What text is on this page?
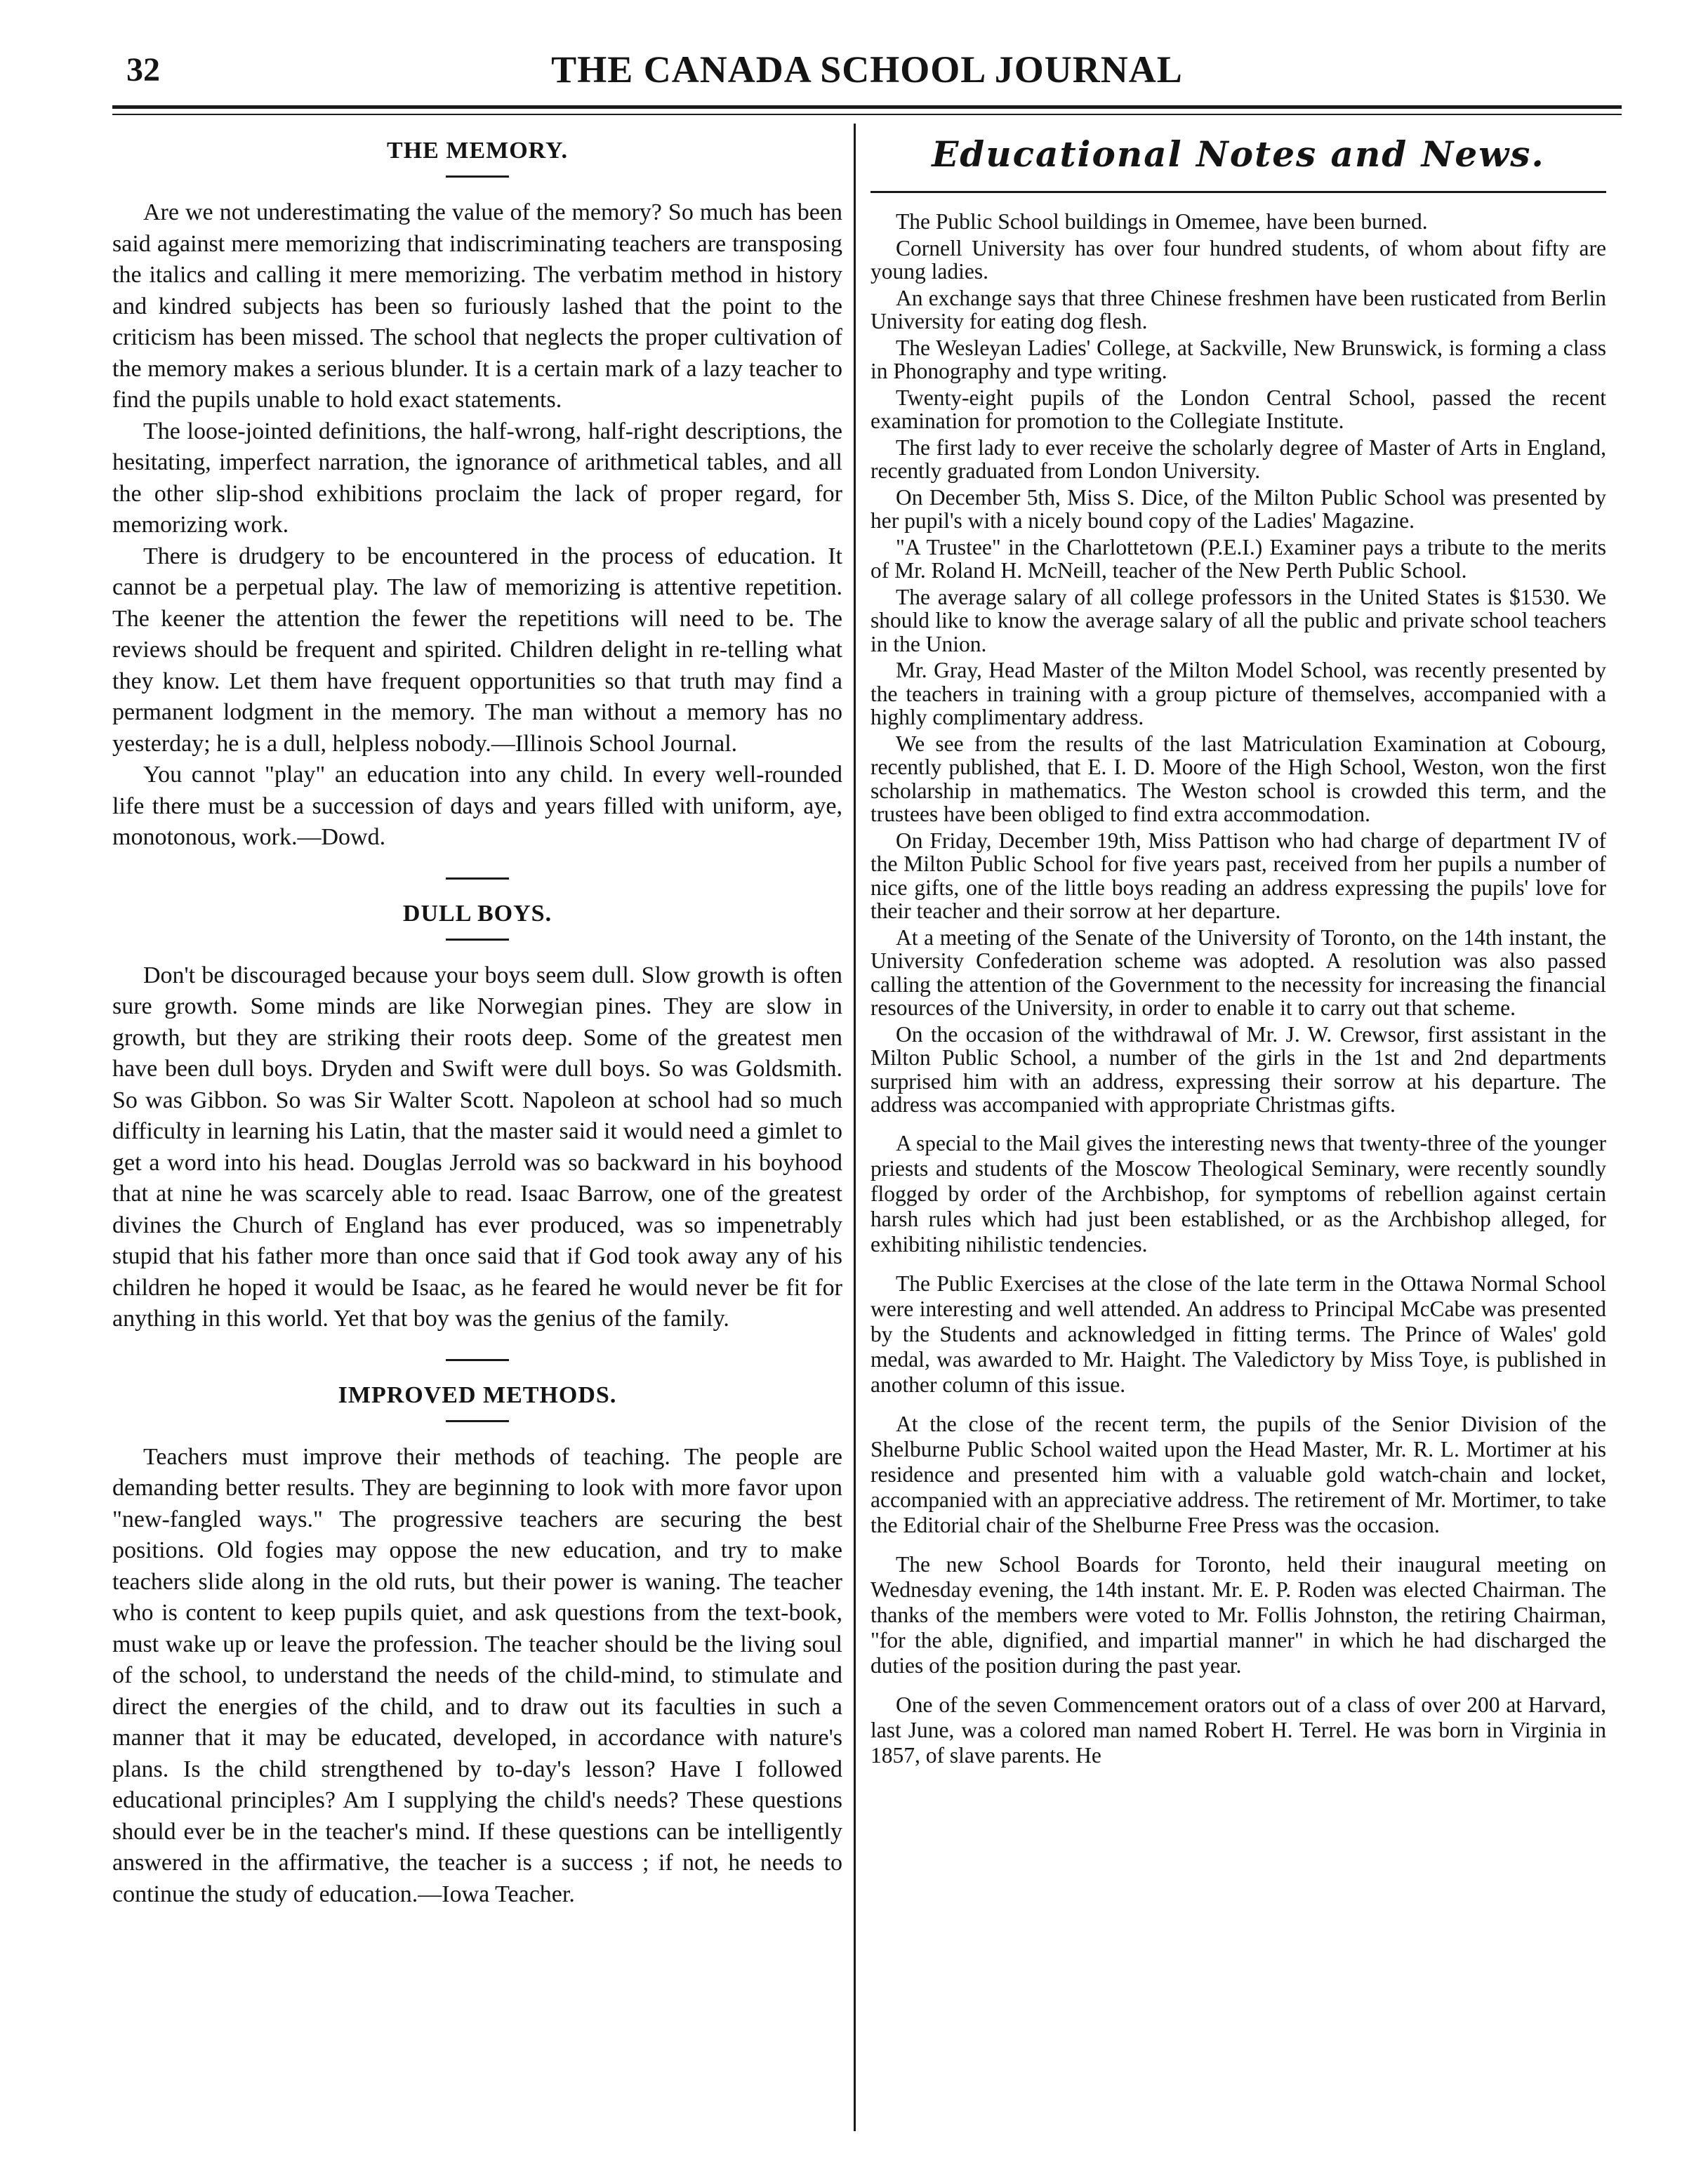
32	THE CANADA SCHOOL JOURNAL
THE MEMORY.

Are we not underestimating the value of the memory? So much has been said against mere memorizing that indiscriminating teachers are transposing the italics and calling it mere memorizing. The verbatim method in history and kindred subjects has been so furiously lashed that the point to the criticism has been missed. The school that neglects the proper cultivation of the memory makes a serious blunder. It is a certain mark of a lazy teacher to find the pupils unable to hold exact statements.

The loose-jointed definitions, the half-wrong, half-right descriptions, the hesitating, imperfect narration, the ignorance of arithmetical tables, and all the other slip-shod exhibitions proclaim the lack of proper regard, for memorizing work.

There is drudgery to be encountered in the process of education. It cannot be a perpetual play. The law of memorizing is attentive repetition. The keener the attention the fewer the repetitions will need to be. The reviews should be frequent and spirited. Children delight in re-telling what they know. Let them have frequent opportunities so that truth may find a permanent lodgment in the memory. The man without a memory has no yesterday; he is a dull, helpless nobody.—Illinois School Journal.

You cannot "play" an education into any child. In every well-rounded life there must be a succession of days and years filled with uniform, aye, monotonous, work.—Dowd.

DULL BOYS.

Don't be discouraged because your boys seem dull. Slow growth is often sure growth. Some minds are like Norwegian pines. They are slow in growth, but they are striking their roots deep. Some of the greatest men have been dull boys. Dryden and Swift were dull boys. So was Goldsmith. So was Gibbon. So was Sir Walter Scott. Napoleon at school had so much difficulty in learning his Latin, that the master said it would need a gimlet to get a word into his head. Douglas Jerrold was so backward in his boyhood that at nine he was scarcely able to read. Isaac Barrow, one of the greatest divines the Church of England has ever produced, was so impenetrably stupid that his father more than once said that if God took away any of his children he hoped it would be Isaac, as he feared he would never be fit for anything in this world. Yet that boy was the genius of the family.

IMPROVED METHODS.

Teachers must improve their methods of teaching. The people are demanding better results. They are beginning to look with more favor upon "new-fangled ways." The progressive teachers are securing the best positions. Old fogies may oppose the new education, and try to make teachers slide along in the old ruts, but their power is waning. The teacher who is content to keep pupils quiet, and ask questions from the text-book, must wake up or leave the profession. The teacher should be the living soul of the school, to understand the needs of the child-mind, to stimulate and direct the energies of the child, and to draw out its faculties in such a manner that it may be educated, developed, in accordance with nature's plans. Is the child strengthened by to-day's lesson? Have I followed educational principles? Am I supplying the child's needs? These questions should ever be in the teacher's mind. If these questions can be intelligently answered in the affirmative, the teacher is a success ; if not, he needs to continue the study of education.—Iowa Teacher.

Educational Notes and News.

The Public School buildings in Omemee, have been burned.

Cornell University has over four hundred students, of whom about fifty are young ladies.

An exchange says that three Chinese freshmen have been rusticated from Berlin University for eating dog flesh.

The Wesleyan Ladies' College, at Sackville, New Brunswick, is forming a class in Phonography and type writing.

Twenty-eight pupils of the London Central School, passed the recent examination for promotion to the Collegiate Institute.

The first lady to ever receive the scholarly degree of Master of Arts in England, recently graduated from London University.

On December 5th, Miss S. Dice, of the Milton Public School was presented by her pupil's with a nicely bound copy of the Ladies' Magazine.

"A Trustee" in the Charlottetown (P.E.I.) Examiner pays a tribute to the merits of Mr. Roland H. McNeill, teacher of the New Perth Public School.

The average salary of all college professors in the United States is $1530. We should like to know the average salary of all the public and private school teachers in the Union.

Mr. Gray, Head Master of the Milton Model School, was recently presented by the teachers in training with a group picture of themselves, accompanied with a highly complimentary address.

We see from the results of the last Matriculation Examination at Cobourg, recently published, that E. I. D. Moore of the High School, Weston, won the first scholarship in mathematics. The Weston school is crowded this term, and the trustees have been obliged to find extra accommodation.

On Friday, December 19th, Miss Pattison who had charge of department IV of the Milton Public School for five years past, received from her pupils a number of nice gifts, one of the little boys reading an address expressing the pupils' love for their teacher and their sorrow at her departure.

At a meeting of the Senate of the University of Toronto, on the 14th instant, the University Confederation scheme was adopted. A resolution was also passed calling the attention of the Government to the necessity for increasing the financial resources of the University, in order to enable it to carry out that scheme.

On the occasion of the withdrawal of Mr. J. W. Crewsor, first assistant in the Milton Public School, a number of the girls in the 1st and 2nd departments surprised him with an address, expressing their sorrow at his departure. The address was accompanied with appropriate Christmas gifts.

A special to the Mail gives the interesting news that twenty-three of the younger priests and students of the Moscow Theological Seminary, were recently soundly flogged by order of the Archbishop, for symptoms of rebellion against certain harsh rules which had just been established, or as the Archbishop alleged, for exhibiting nihilistic tendencies.

The Public Exercises at the close of the late term in the Ottawa Normal School were interesting and well attended. An address to Principal McCabe was presented by the Students and acknowledged in fitting terms. The Prince of Wales' gold medal, was awarded to Mr. Haight. The Valedictory by Miss Toye, is published in another column of this issue.

At the close of the recent term, the pupils of the Senior Division of the Shelburne Public School waited upon the Head Master, Mr. R. L. Mortimer at his residence and presented him with a valuable gold watch-chain and locket, accompanied with an appreciative address. The retirement of Mr. Mortimer, to take the Editorial chair of the Shelburne Free Press was the occasion.

The new School Boards for Toronto, held their inaugural meeting on Wednesday evening, the 14th instant. Mr. E. P. Roden was elected Chairman. The thanks of the members were voted to Mr. Follis Johnston, the retiring Chairman, "for the able, dignified, and impartial manner" in which he had discharged the duties of the position during the past year.

One of the seven Commencement orators out of a class of over 200 at Harvard, last June, was a colored man named Robert H. Terrel. He was born in Virginia in 1857, of slave parents. He
